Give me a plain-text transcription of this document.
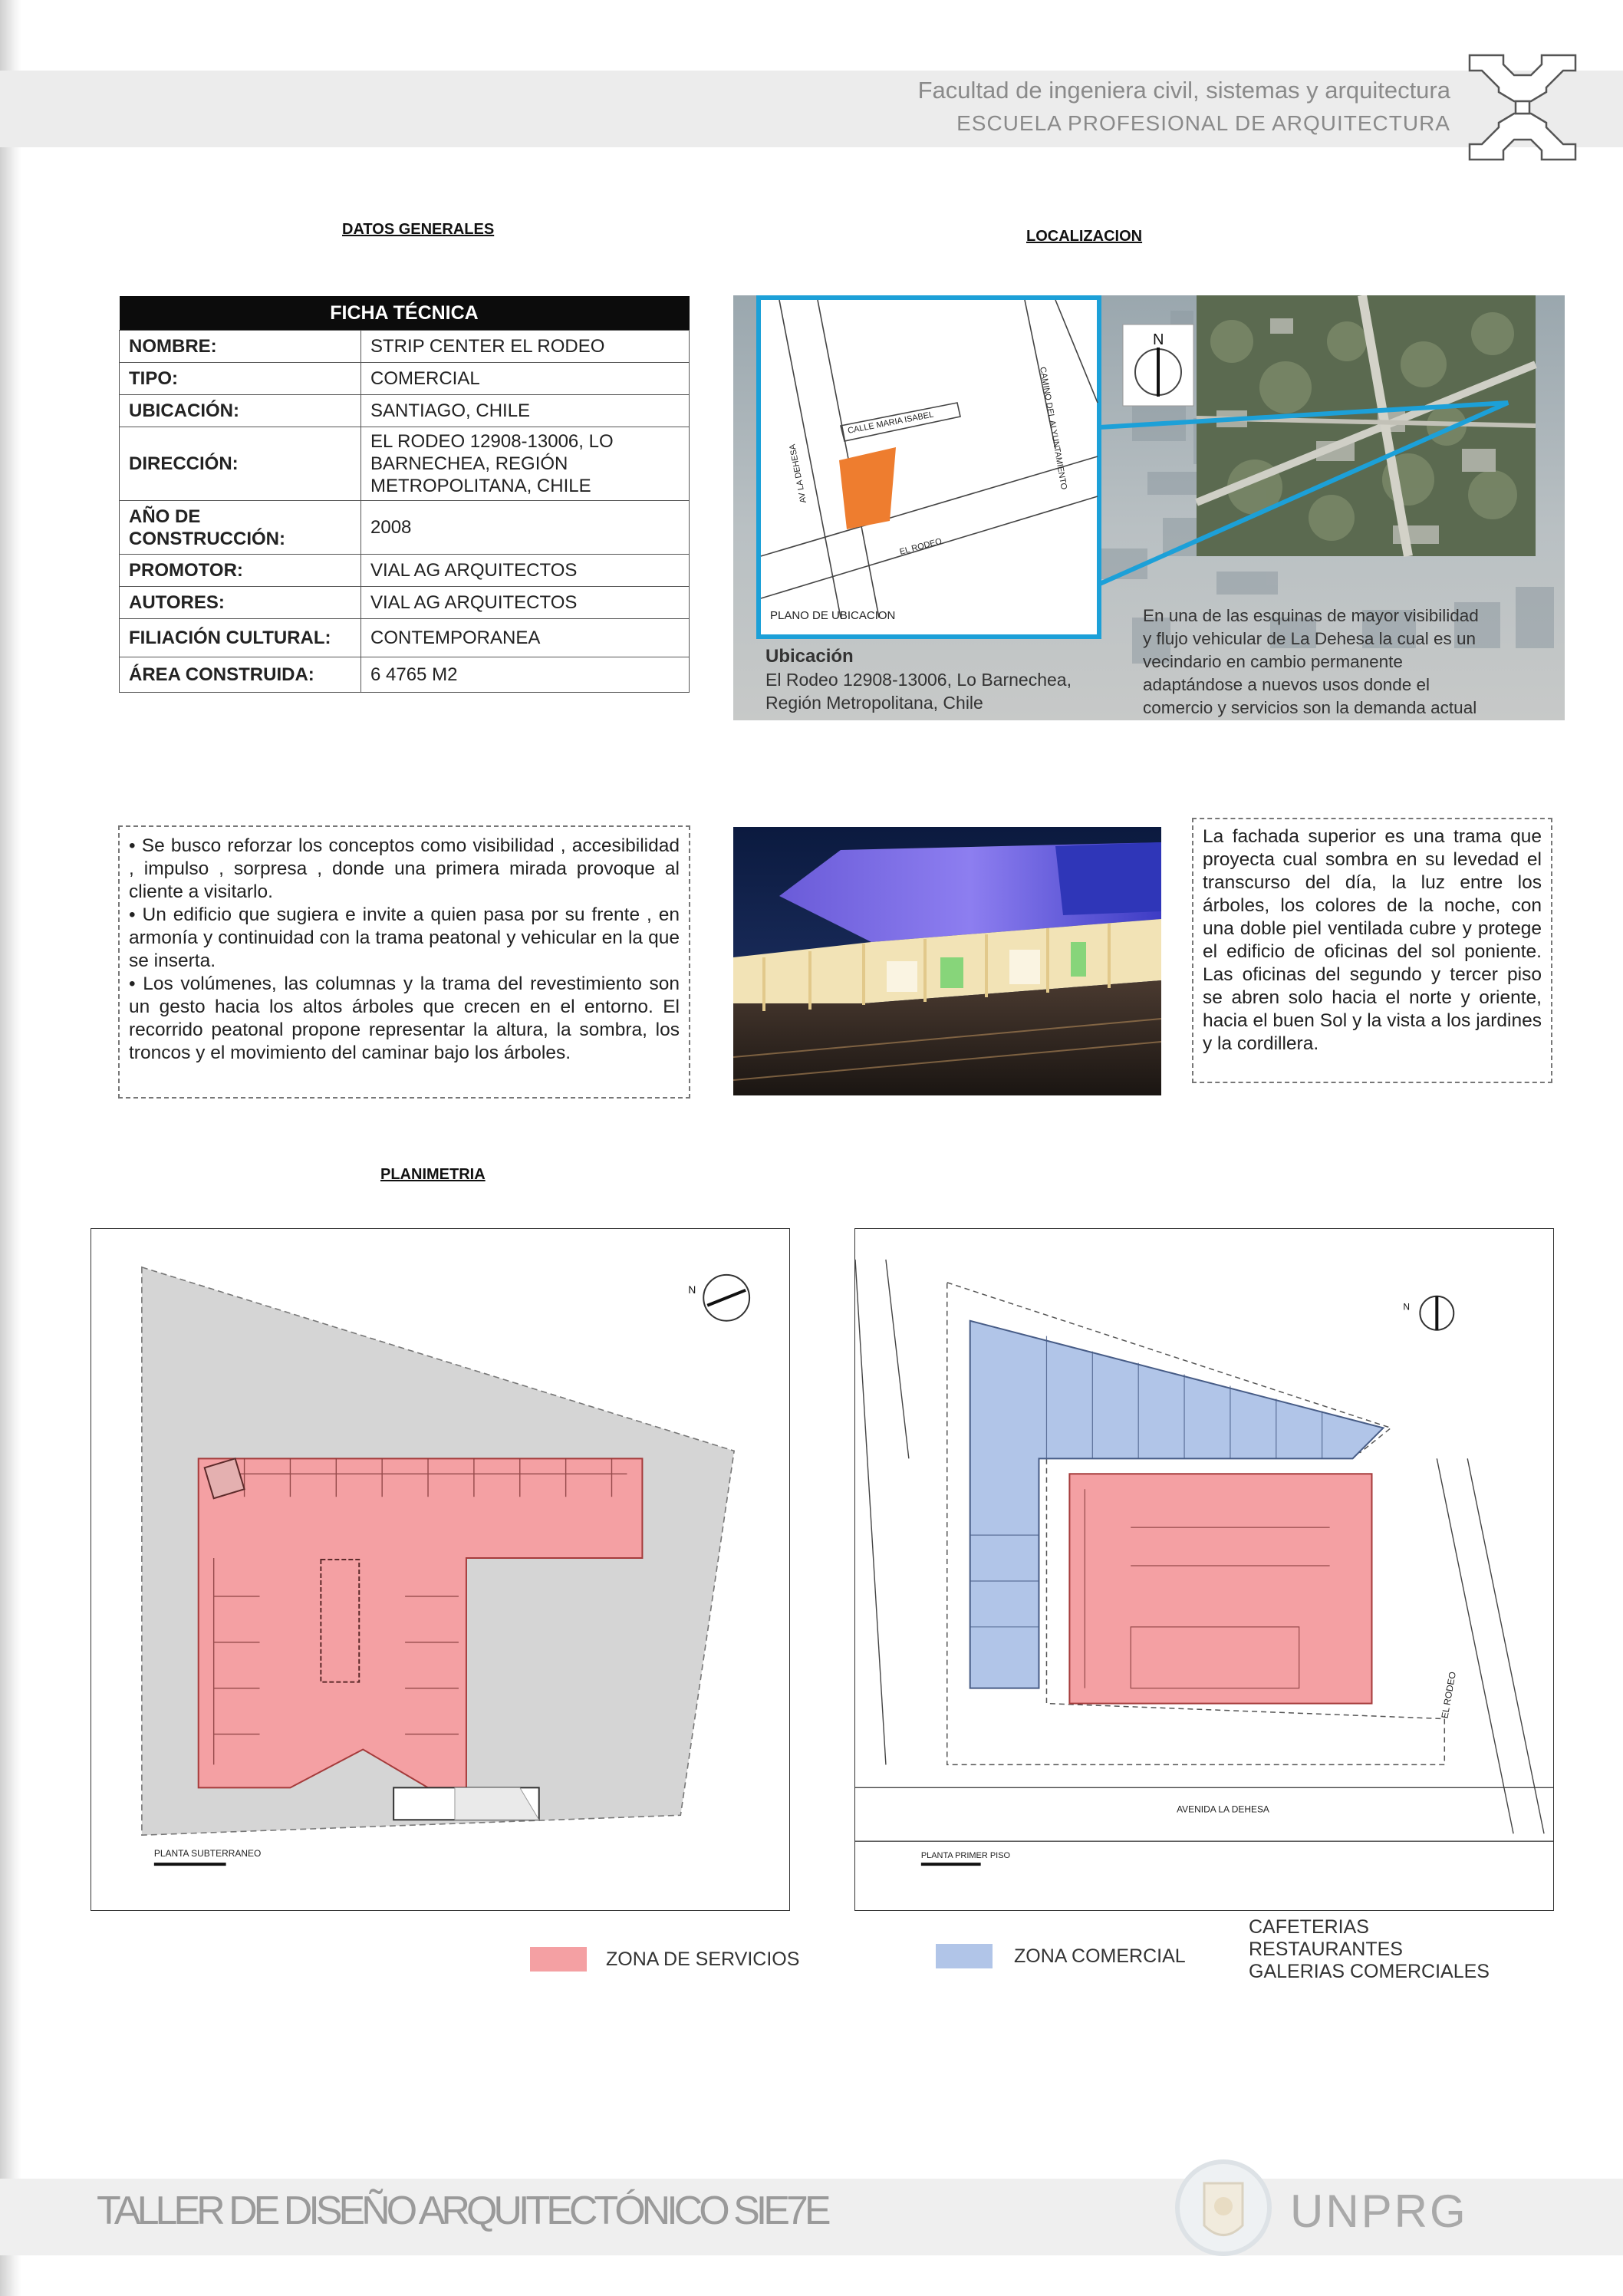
Facultad de ingeniera civil, sistemas y arquitectura
ESCUELA PROFESIONAL DE ARQUITECTURA
DATOS GENERALES	LOCALIZACION
PLANIMETRIA
FICHA TÉCNICA	
NOMBRE:	STRIP CENTER EL RODEO
TIPO:	COMERCIAL
UBICACIÓN:	SANTIAGO, CHILE
DIRECCIÓN:	EL RODEO 12908-13006, LO BARNECHEA, REGIÓN METROPOLITANA, CHILE
AÑO DE CONSTRUCCIÓN:	2008
PROMOTOR:	VIAL AG ARQUITECTOS
AUTORES:	VIAL AG ARQUITECTOS
FILIACIÓN CULTURAL:	CONTEMPORANEA
ÁREA CONSTRUIDA:	6 4765 M2
N
CALLE MARIA ISABEL
AV LA DEHESA	CAMINO DEL ALYUNTAMIENTO
EL RODEO
PLANO DE UBICACION
Ubicación
El Rodeo 12908-13006, Lo Barnechea,
Región Metropolitana, Chile
En una de las esquinas de mayor visibilidad
y flujo vehicular de La Dehesa la cual es un
vecindario en cambio permanente
adaptándose a nuevos usos donde el
comercio y servicios son la demanda actual
• Se busco reforzar los conceptos como visibilidad , accesibilidad , impulso , sorpresa , donde una primera mirada provoque al cliente a visitarlo.
• Un edificio que sugiera e invite a quien pasa por su frente , en armonía y continuidad con la trama peatonal y vehicular en la que se inserta.
• Los volúmenes, las columnas y la trama del revestimiento son un gesto hacia los altos árboles que crecen en el entorno. El recorrido peatonal propone representar la altura, la sombra, los troncos y el movimiento del caminar bajo los árboles.
La fachada superior es una trama que proyecta cual sombra en su levedad el transcurso del día, la luz entre los árboles, los colores de la noche, con una doble piel ventilada cubre y protege el edificio de oficinas del sol poniente. Las oficinas del segundo y tercer piso se abren solo hacia el norte y oriente, hacia el buen Sol y la vista a los jardines y la cordillera.
N
PLANTA SUBTERRANEO
AVENIDA LA DEHESA
EL RODEO
N
PLANTA PRIMER PISO
ZONA DE SERVICIOS	ZONA COMERCIAL
CAFETERIAS
RESTAURANTES
GALERIAS COMERCIALES
TALLER DE DISEÑO ARQUITECTÓNICO SIE7E	UNPRG
